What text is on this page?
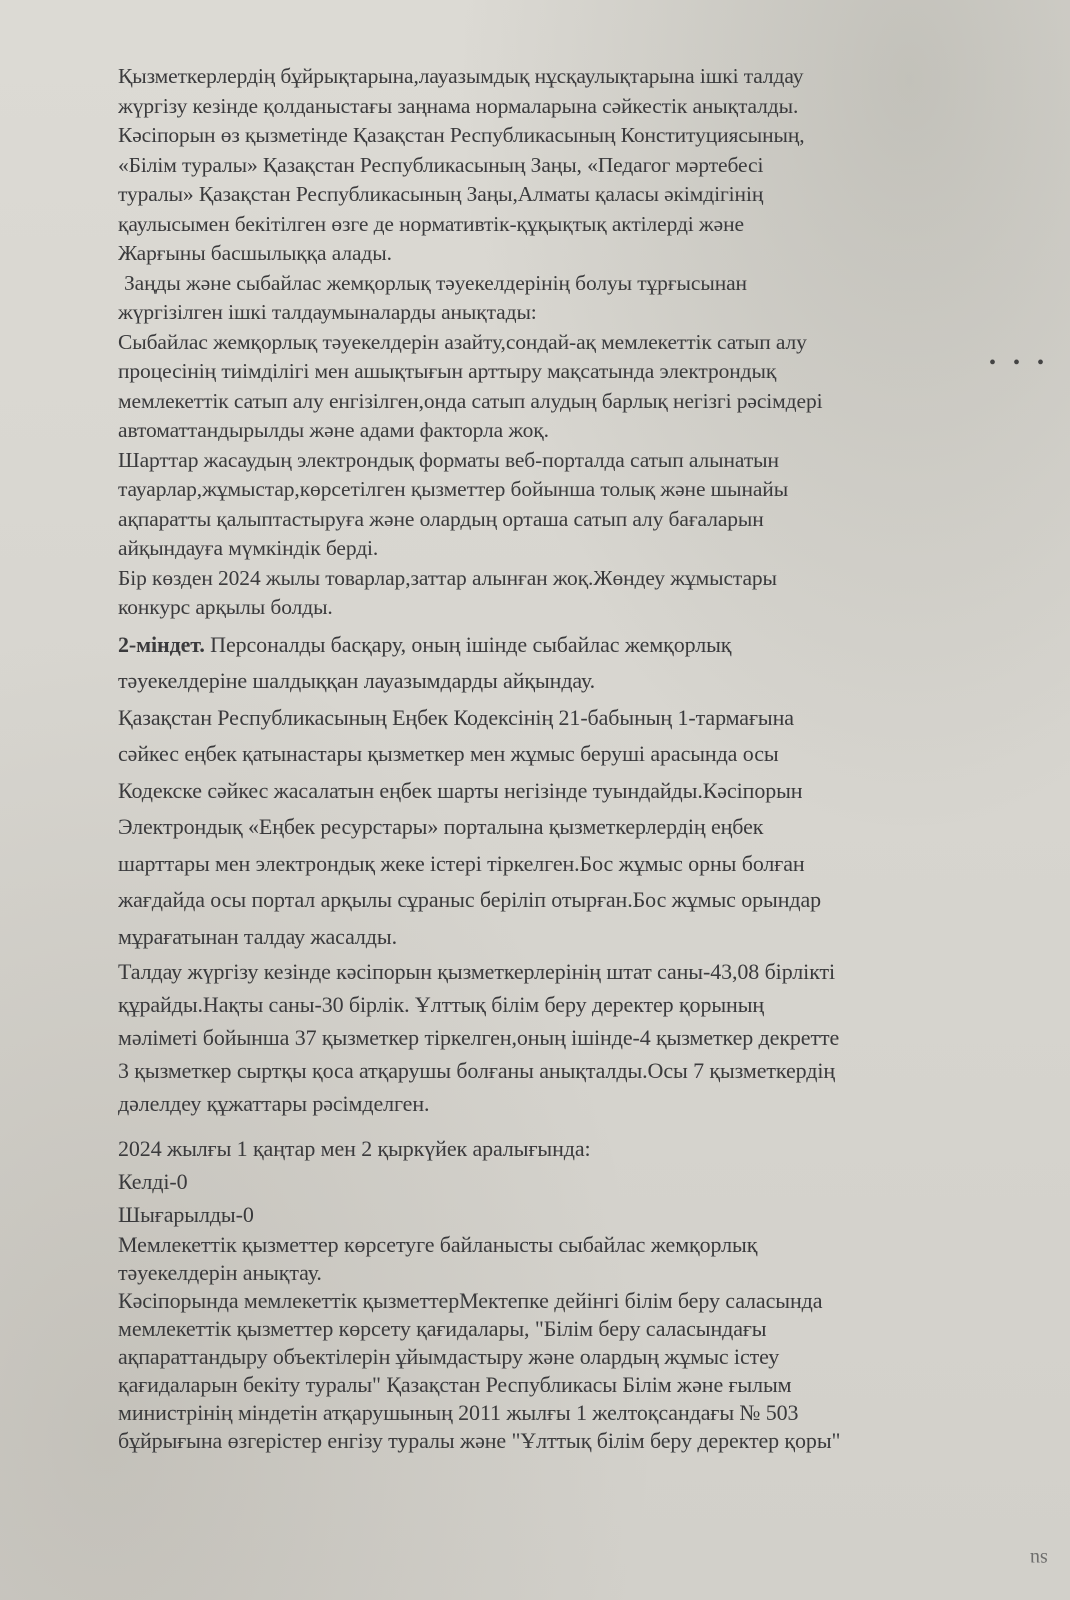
Қызметкерлердің бұйрықтарына,лауазымдық нұсқаулықтарына ішкі талдау

жүргізу кезінде қолданыстағы заңнама нормаларына сәйкестік анықталды.

Кәсіпорын өз қызметінде Қазақстан Республикасының Конституциясының,

«Білім туралы» Қазақстан Республикасының Заңы, «Педагог мәртебесі

туралы» Қазақстан Республикасының Заңы,Алматы қаласы әкімдігінің

қаулысымен бекітілген өзге де нормативтік-құқықтық актілерді және

Жарғыны басшылыққа алады.

Заңды және сыбайлас жемқорлық тәуекелдерінің болуы тұрғысынан

жүргізілген ішкі талдаумыналарды анықтады:

Сыбайлас жемқорлық тәуекелдерін азайту,сондай-ақ мемлекеттік сатып алу

процесінің тиімділігі мен ашықтығын арттыру мақсатында электрондық

мемлекеттік сатып алу енгізілген,онда сатып алудың барлық негізгі рәсімдері

автоматтандырылды және адами факторла жоқ.

Шарттар жасаудың электрондық форматы веб-порталда сатып алынатын

тауарлар,жұмыстар,көрсетілген қызметтер бойынша толық және шынайы

ақпаратты қалыптастыруға және олардың орташа сатып алу бағаларын

айқындауға мүмкіндік берді.

Бір көзден 2024 жылы товарлар,заттар алынған жоқ.Жөндеу жұмыстары

конкурс арқылы болды.

2-міндет. Персоналды басқару, оның ішінде сыбайлас жемқорлық

тәуекелдеріне шалдыққан лауазымдарды айқындау.

Қазақстан Республикасының Еңбек Кодексінің 21-бабының 1-тармағына

сәйкес еңбек қатынастары қызметкер мен жұмыс беруші арасында осы

Кодекске сәйкес жасалатын еңбек шарты негізінде туындайды.Кәсіпорын

Электрондық «Еңбек ресурстары» порталына қызметкерлердің еңбек

шарттары мен электрондық жеке істері тіркелген.Бос жұмыс орны болған

жағдайда осы портал арқылы сұраныс беріліп отырған.Бос жұмыс орындар

мұрағатынан талдау жасалды.

Талдау жүргізу кезінде кәсіпорын қызметкерлерінің штат саны-43,08 бірлікті

құрайды.Нақты саны-30 бірлік. Ұлттық білім беру деректер қорының

мәліметі бойынша 37 қызметкер тіркелген,оның ішінде-4 қызметкер декретте

3 қызметкер сыртқы қоса атқарушы болғаны анықталды.Осы 7 қызметкердің

дәлелдеу құжаттары рәсімделген.

2024 жылғы 1 қаңтар мен 2 қыркүйек аралығында:

Келді-0

Шығарылды-0

Мемлекеттік қызметтер көрсетуге байланысты сыбайлас жемқорлық

тәуекелдерін анықтау.

Кәсіпорында мемлекеттік қызметтерМектепке дейінгі білім беру саласында

мемлекеттік қызметтер көрсету қағидалары, "Білім беру саласындағы

ақпараттандыру объектілерін ұйымдастыру және олардың жұмыс істеу

қағидаларын бекіту туралы" Қазақстан Республикасы Білім және ғылым

министрінің міндетін атқарушының 2011 жылғы 1 желтоқсандағы № 503

бұйрығына өзгерістер енгізу туралы және "Ұлттық білім беру деректер қоры"

• • •
su
